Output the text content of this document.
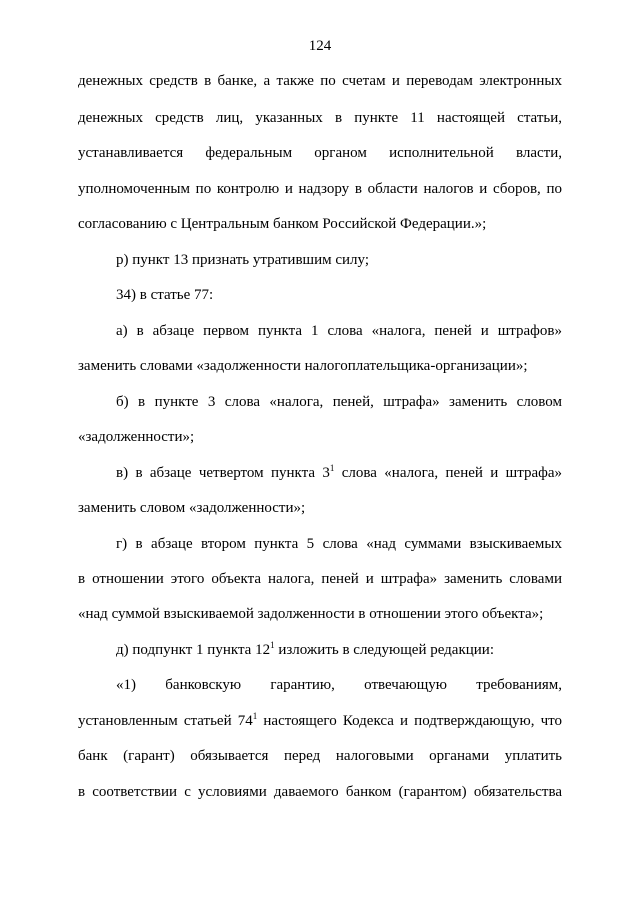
124
денежных средств в банке, а также по счетам и переводам электронных
денежных средств лиц, указанных в пункте 11 настоящей статьи,
устанавливается федеральным органом исполнительной власти,
уполномоченным по контролю и надзору в области налогов и сборов, по
согласованию с Центральным банком Российской Федерации.»;
р) пункт 13 признать утратившим силу;
34) в статье 77:
а) в абзаце первом пункта 1 слова «налога, пеней и штрафов»
заменить словами «задолженности налогоплательщика-организации»;
б) в пункте 3 слова «налога, пеней, штрафа» заменить словом
«задолженности»;
в) в абзаце четвертом пункта $3^1$ слова «налога, пеней и штрафа»
заменить словом «задолженности»;
г) в абзаце втором пункта 5 слова «над суммами взыскиваемых
в отношении этого объекта налога, пеней и штрафа» заменить словами
«над суммой взыскиваемой задолженности в отношении этого объекта»;
д) подпункт 1 пункта $12^1$ изложить в следующей редакции:
«1) банковскую гарантию, отвечающую требованиям,
установленным статьей $74^1$ настоящего Кодекса и подтверждающую, что
банк (гарант) обязывается перед налоговыми органами уплатить
в соответствии с условиями даваемого банком (гарантом) обязательства
